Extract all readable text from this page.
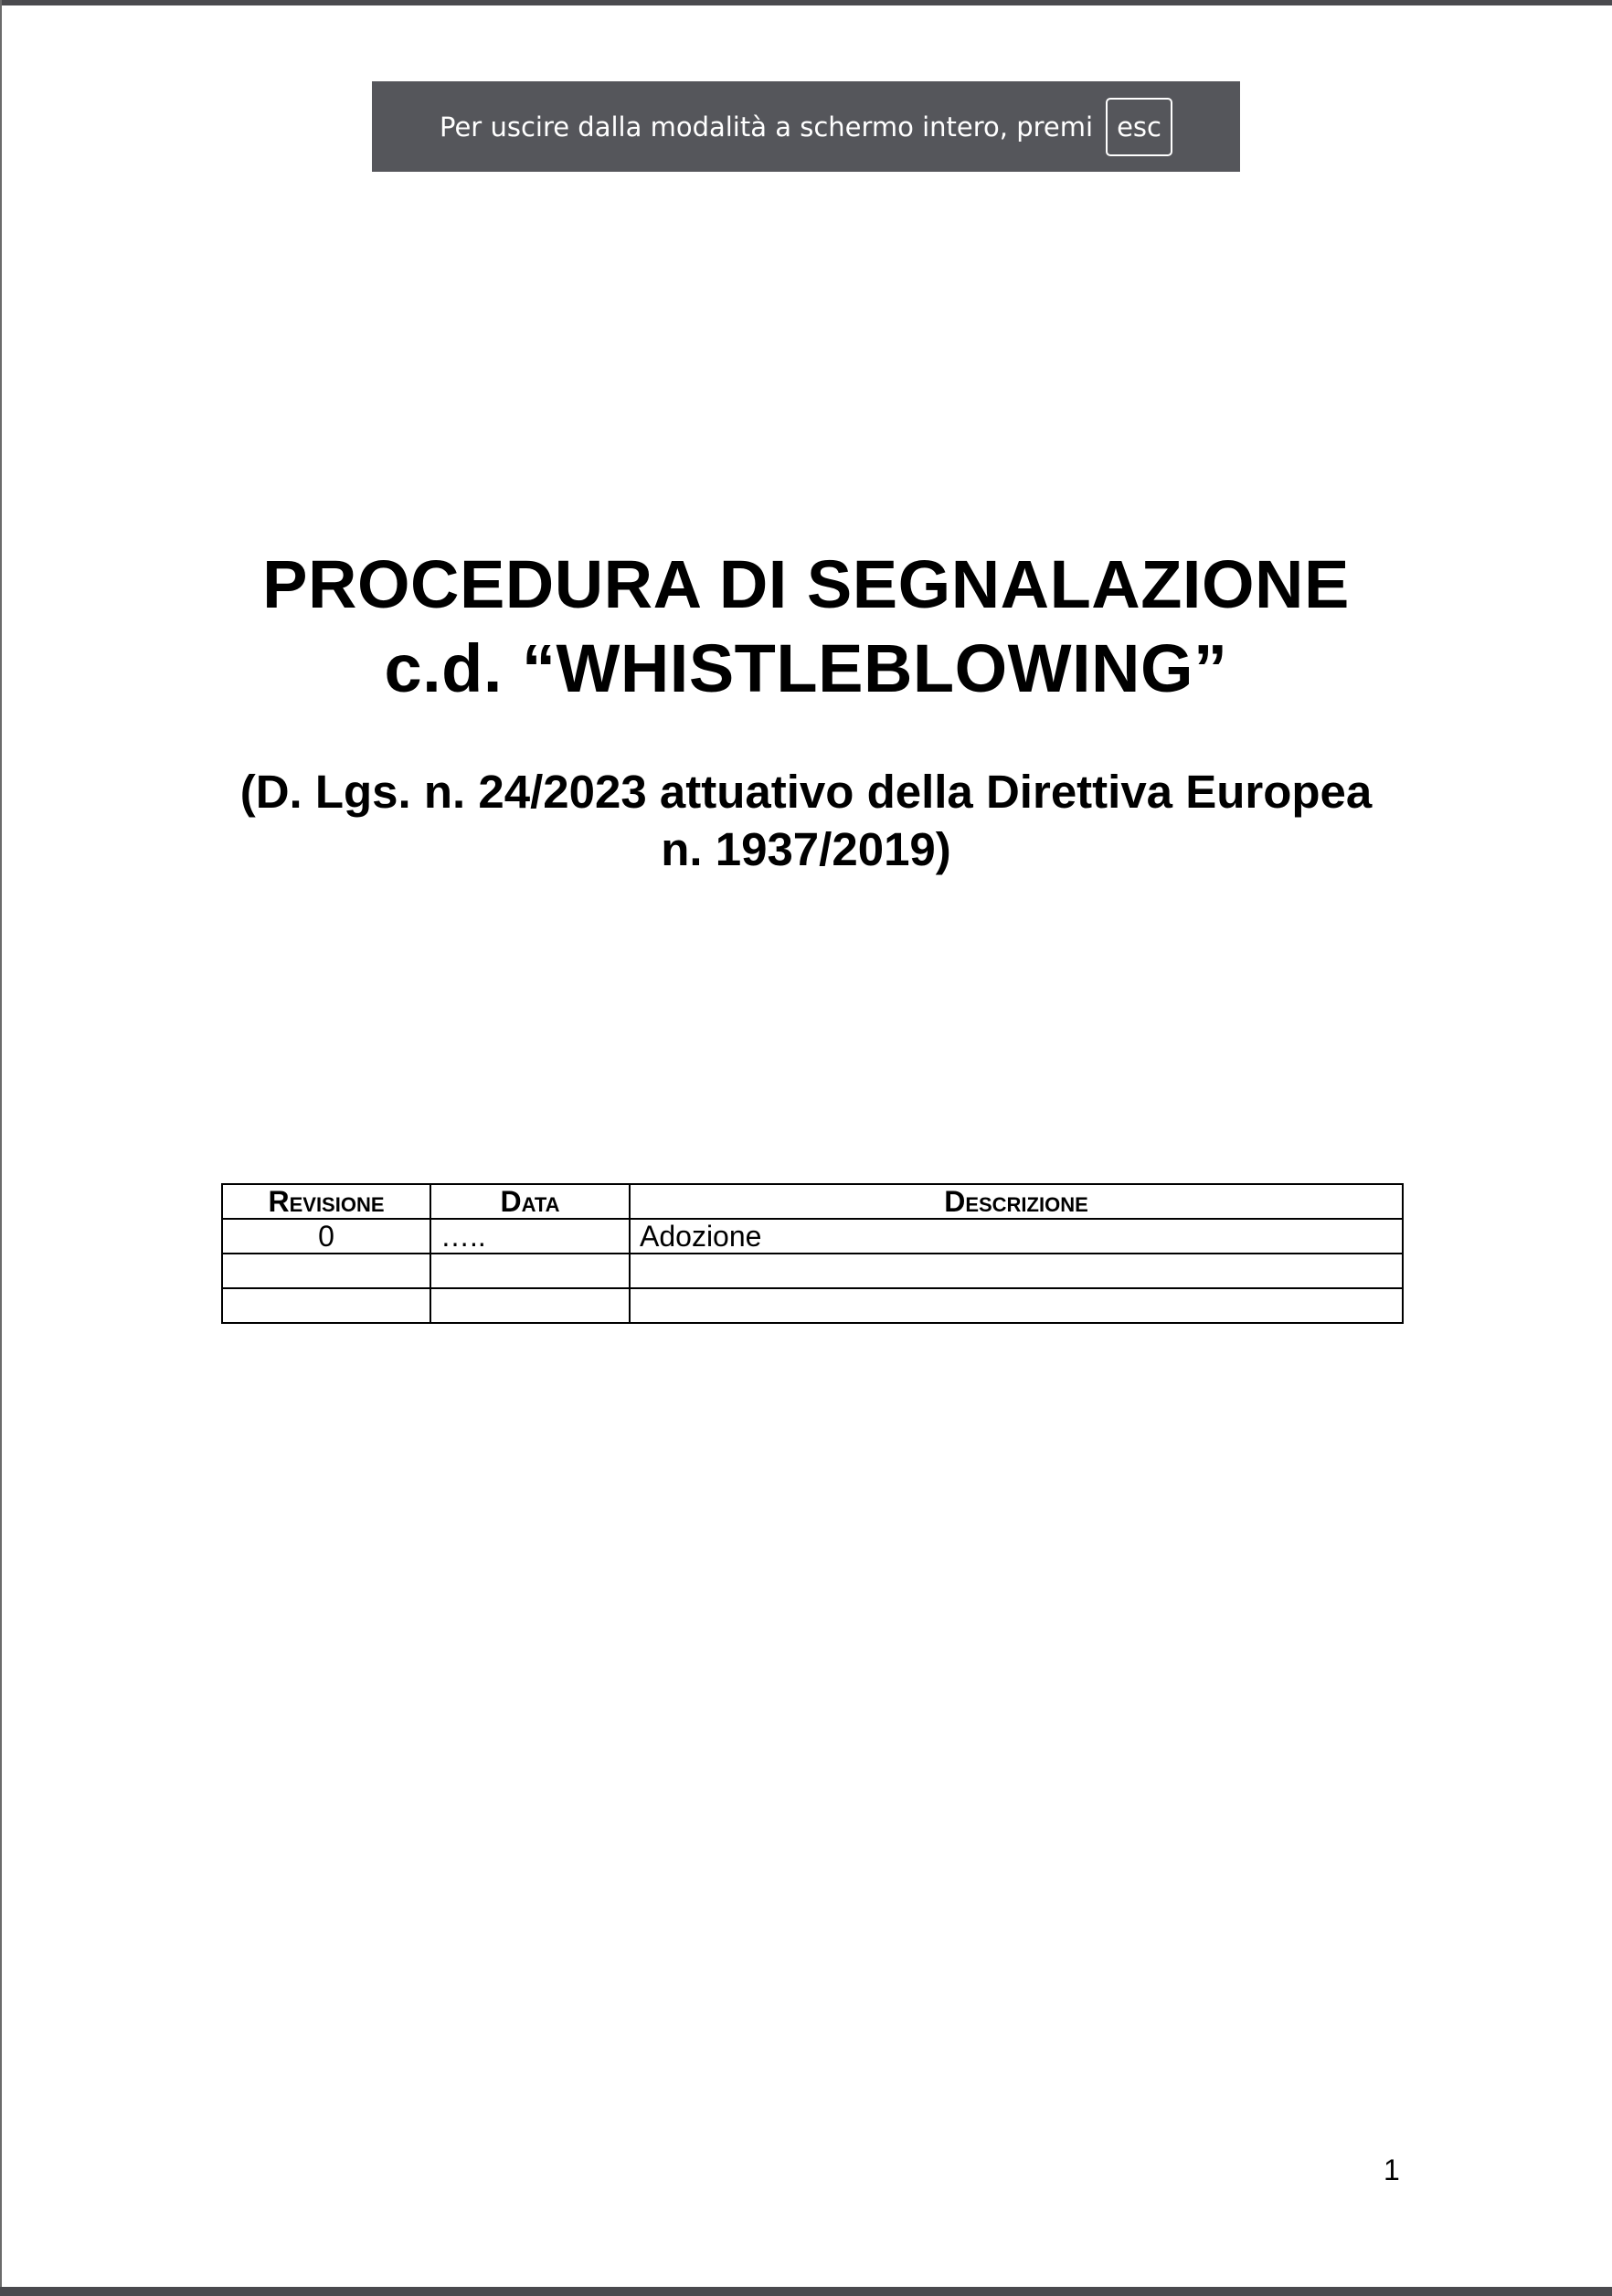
Per uscire dalla modalità a schermo intero, premi esc
PROCEDURA DI SEGNALAZIONE
c.d. “WHISTLEBLOWING”
(D. Lgs. n. 24/2023 attuativo della Direttiva Europea
n. 1937/2019)
Revisione	Data	Descrizione
0	…..	Adozione

1
